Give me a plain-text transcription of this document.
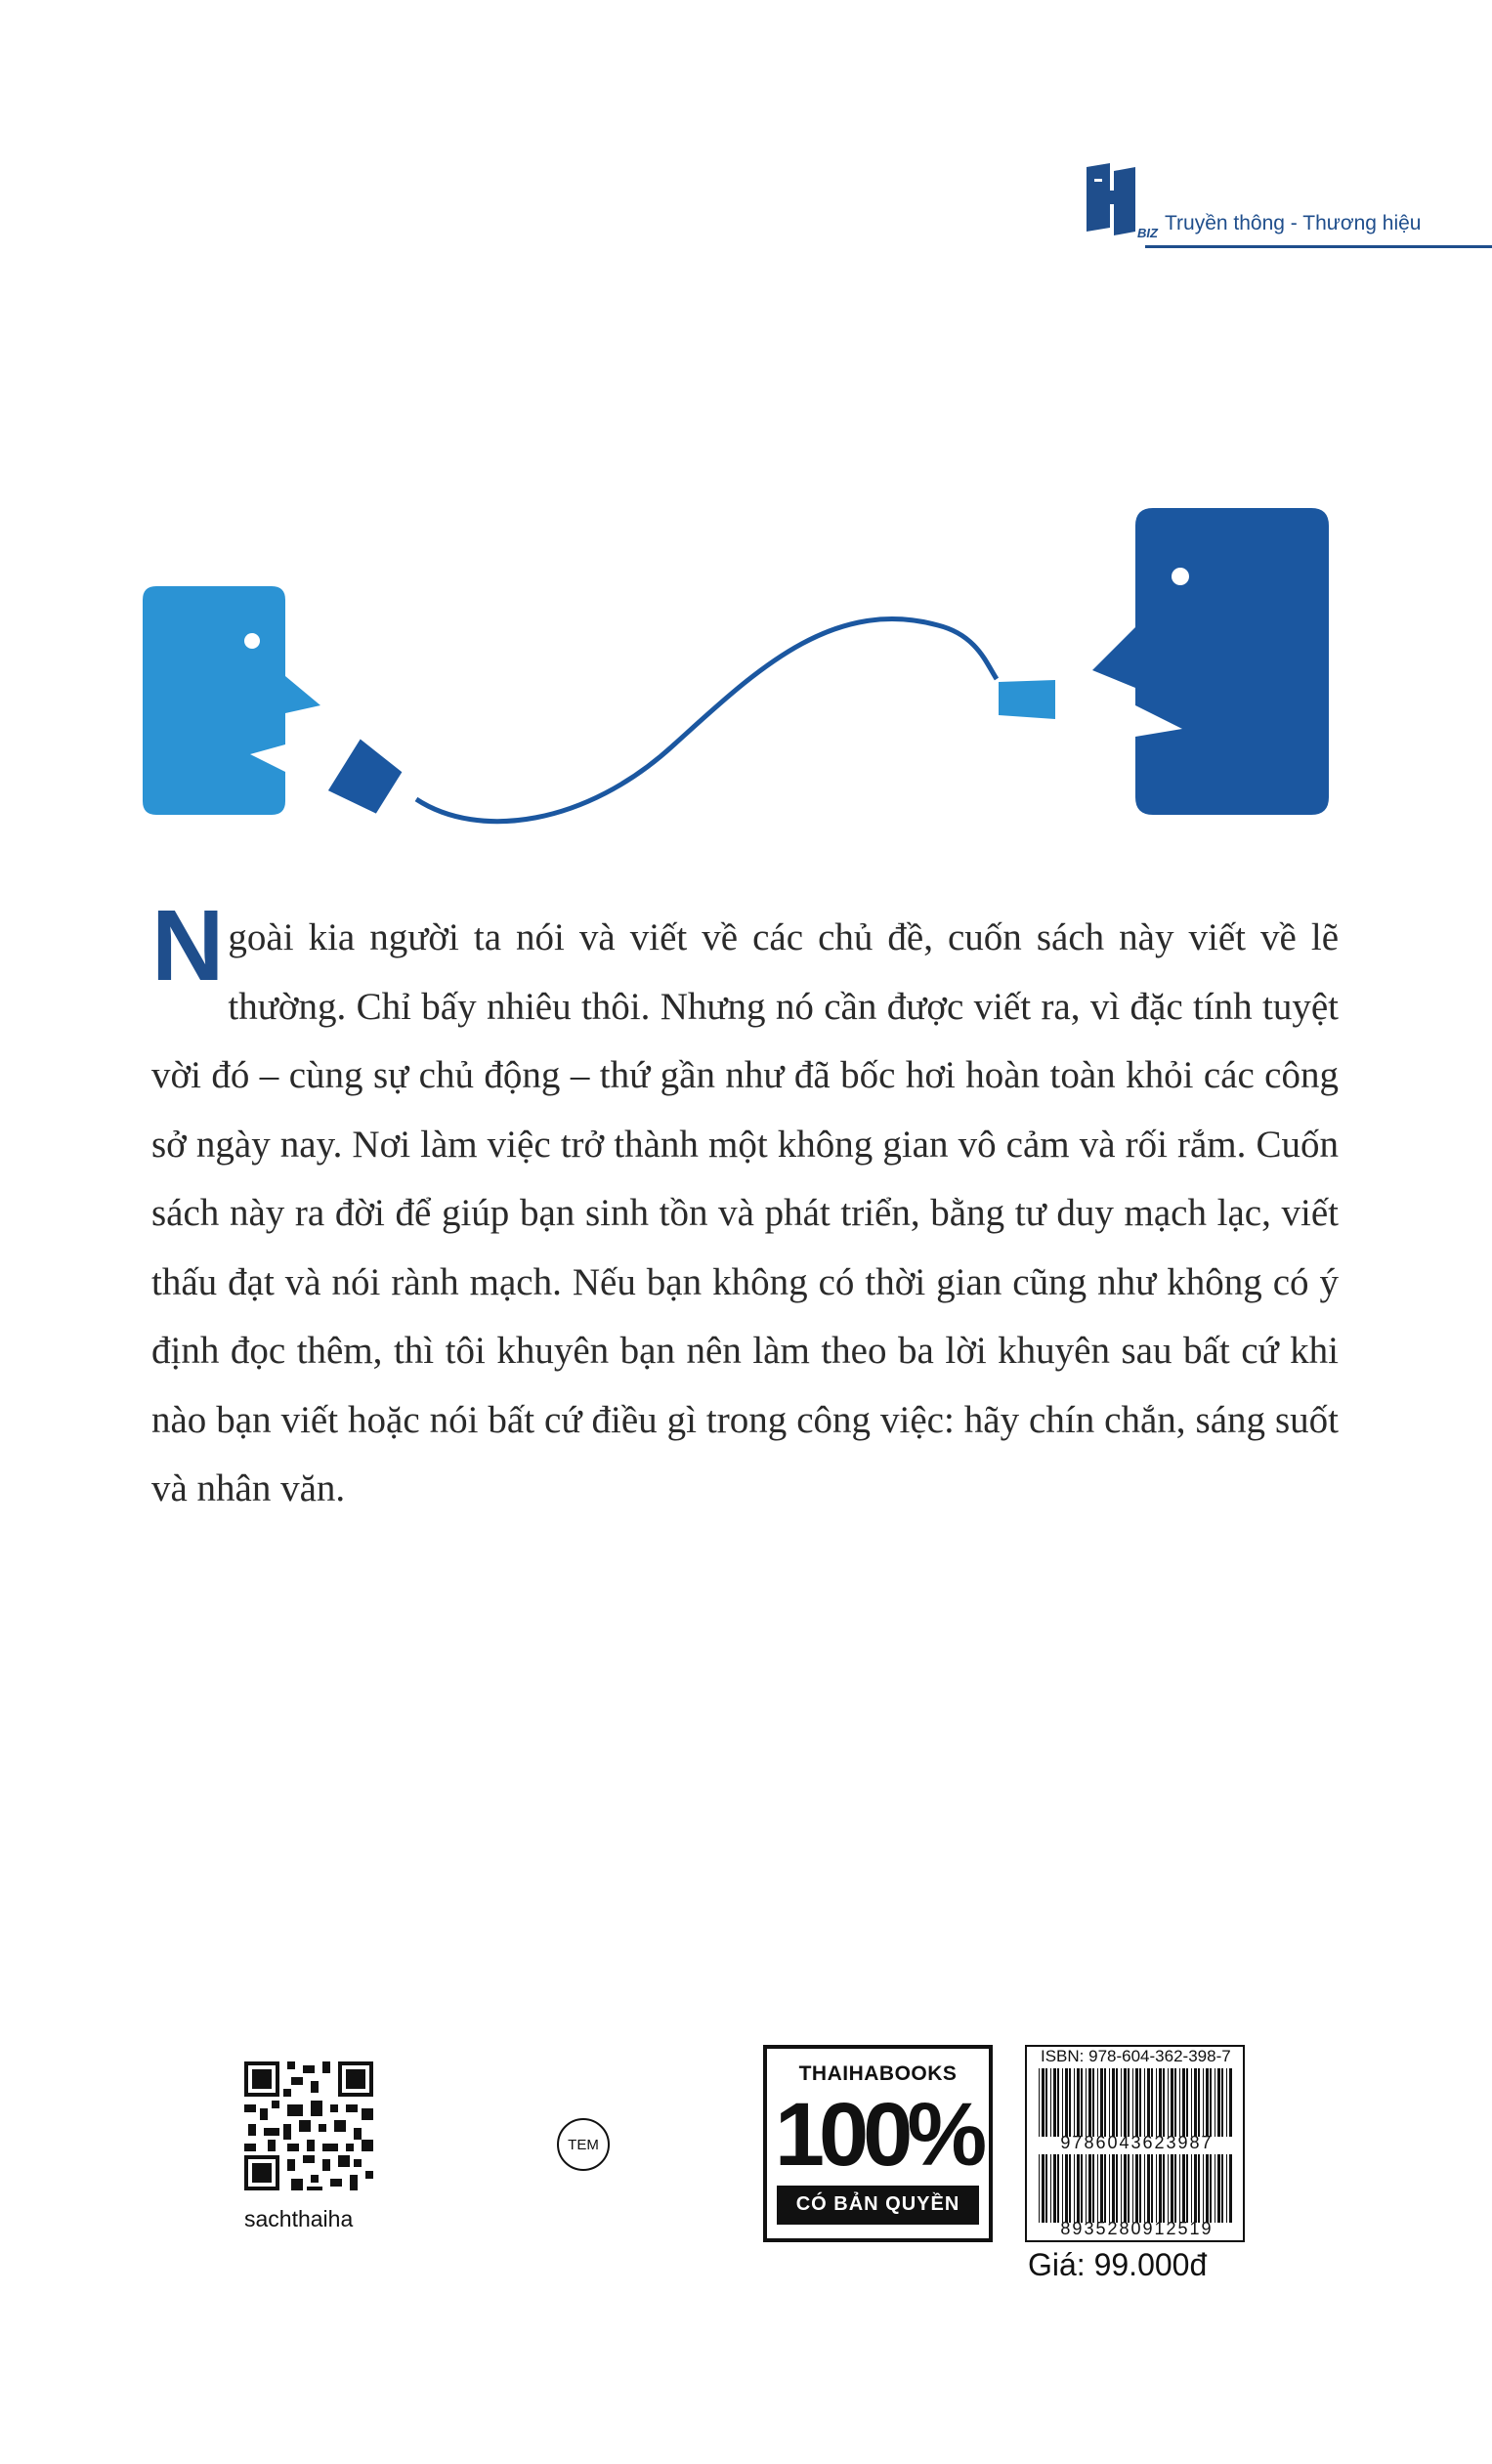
BIZ Truyền thông - Thương hiệu
Ngoài kia người ta nói và viết về các chủ đề, cuốn sách này viết về lẽ thường. Chỉ bấy nhiêu thôi. Nhưng nó cần được viết ra, vì đặc tính tuyệt vời đó – cùng sự chủ động – thứ gần như đã bốc hơi hoàn toàn khỏi các công sở ngày nay. Nơi làm việc trở thành một không gian vô cảm và rối rắm. Cuốn sách này ra đời để giúp bạn sinh tồn và phát triển, bằng tư duy mạch lạc, viết thấu đạt và nói rành mạch. Nếu bạn không có thời gian cũng như không có ý định đọc thêm, thì tôi khuyên bạn nên làm theo ba lời khuyên sau bất cứ khi nào bạn viết hoặc nói bất cứ điều gì trong công việc: hãy chín chắn, sáng suốt và nhân văn.
sachthaiha
TEM
THAIHABOOKS
100%
CÓ BẢN QUYỀN
ISBN: 978-604-362-398-7
9786043623987
8935280912519
Giá: 99.000đ
